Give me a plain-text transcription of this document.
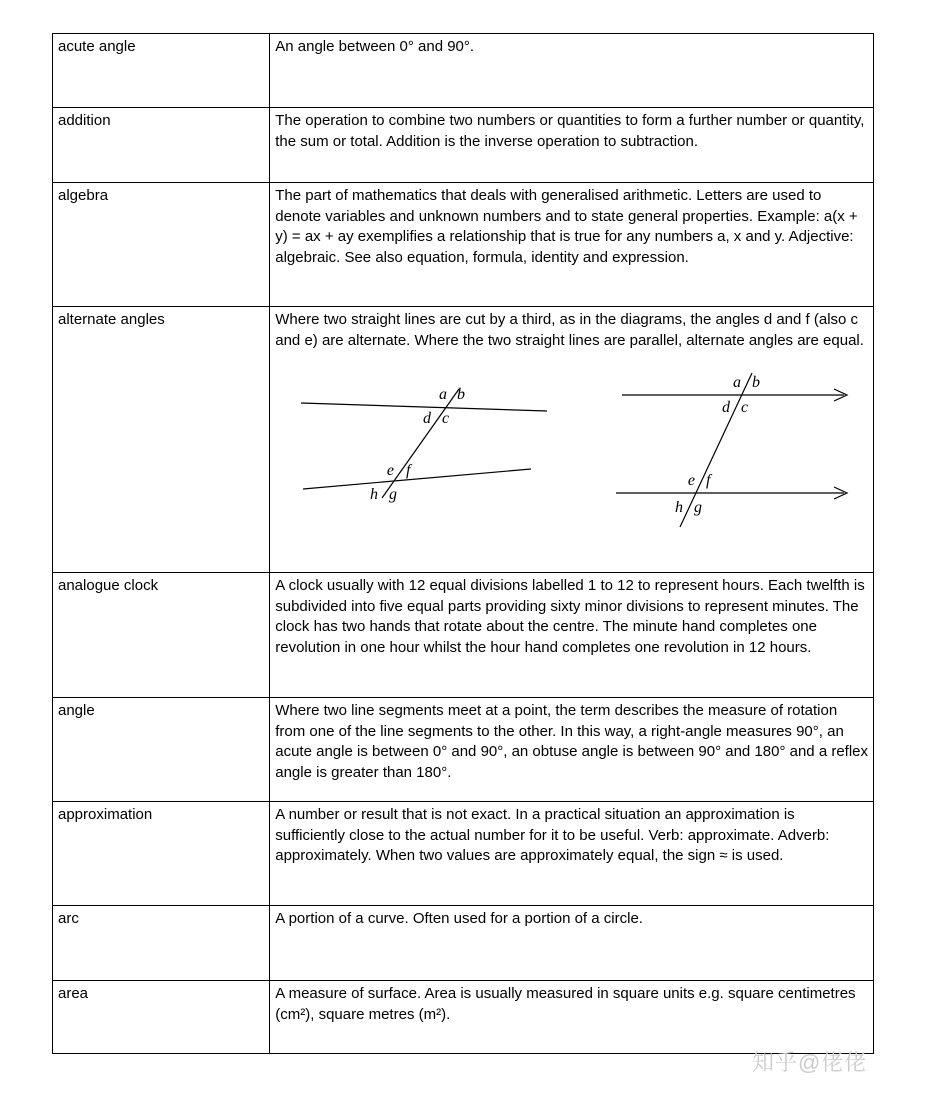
acute angle	An angle between 0° and 90°.
addition	The operation to combine two numbers or quantities to form a further number or quantity, the sum or total. Addition is the inverse operation to subtraction.
algebra	The part of mathematics that deals with generalised arithmetic. Letters are used to denote variables and unknown numbers and to state general properties. Example: a(x + y) = ax + ay exemplifies a relationship that is true for any numbers a, x and y. Adjective: algebraic. See also equation, formula, identity and expression.
alternate angles	Where two straight lines are cut by a third, as in the diagrams, the angles d and f (also c and e) are alternate. Where the two straight lines are parallel, alternate angles are equal.
a b
d c
e f
h g
a b
d c
e f
h g

analogue clock	A clock usually with 12 equal divisions labelled 1 to 12 to represent hours. Each twelfth is subdivided into five equal parts providing sixty minor divisions to represent minutes. The clock has two hands that rotate about the centre. The minute hand completes one revolution in one hour whilst the hour hand completes one revolution in 12 hours.
angle	Where two line segments meet at a point, the term describes the measure of rotation from one of the line segments to the other. In this way, a right-angle measures 90°, an acute angle is between 0° and 90°, an obtuse angle is between 90° and 180° and a reflex angle is greater than 180°.
approximation	A number or result that is not exact. In a practical situation an approximation is sufficiently close to the actual number for it to be useful. Verb: approximate. Adverb: approximately. When two values are approximately equal, the sign ≈ is used.
arc	A portion of a curve. Often used for a portion of a circle.
area	A measure of surface. Area is usually measured in square units e.g. square centimetres (cm²), square metres (m²).
知乎@佬佬
